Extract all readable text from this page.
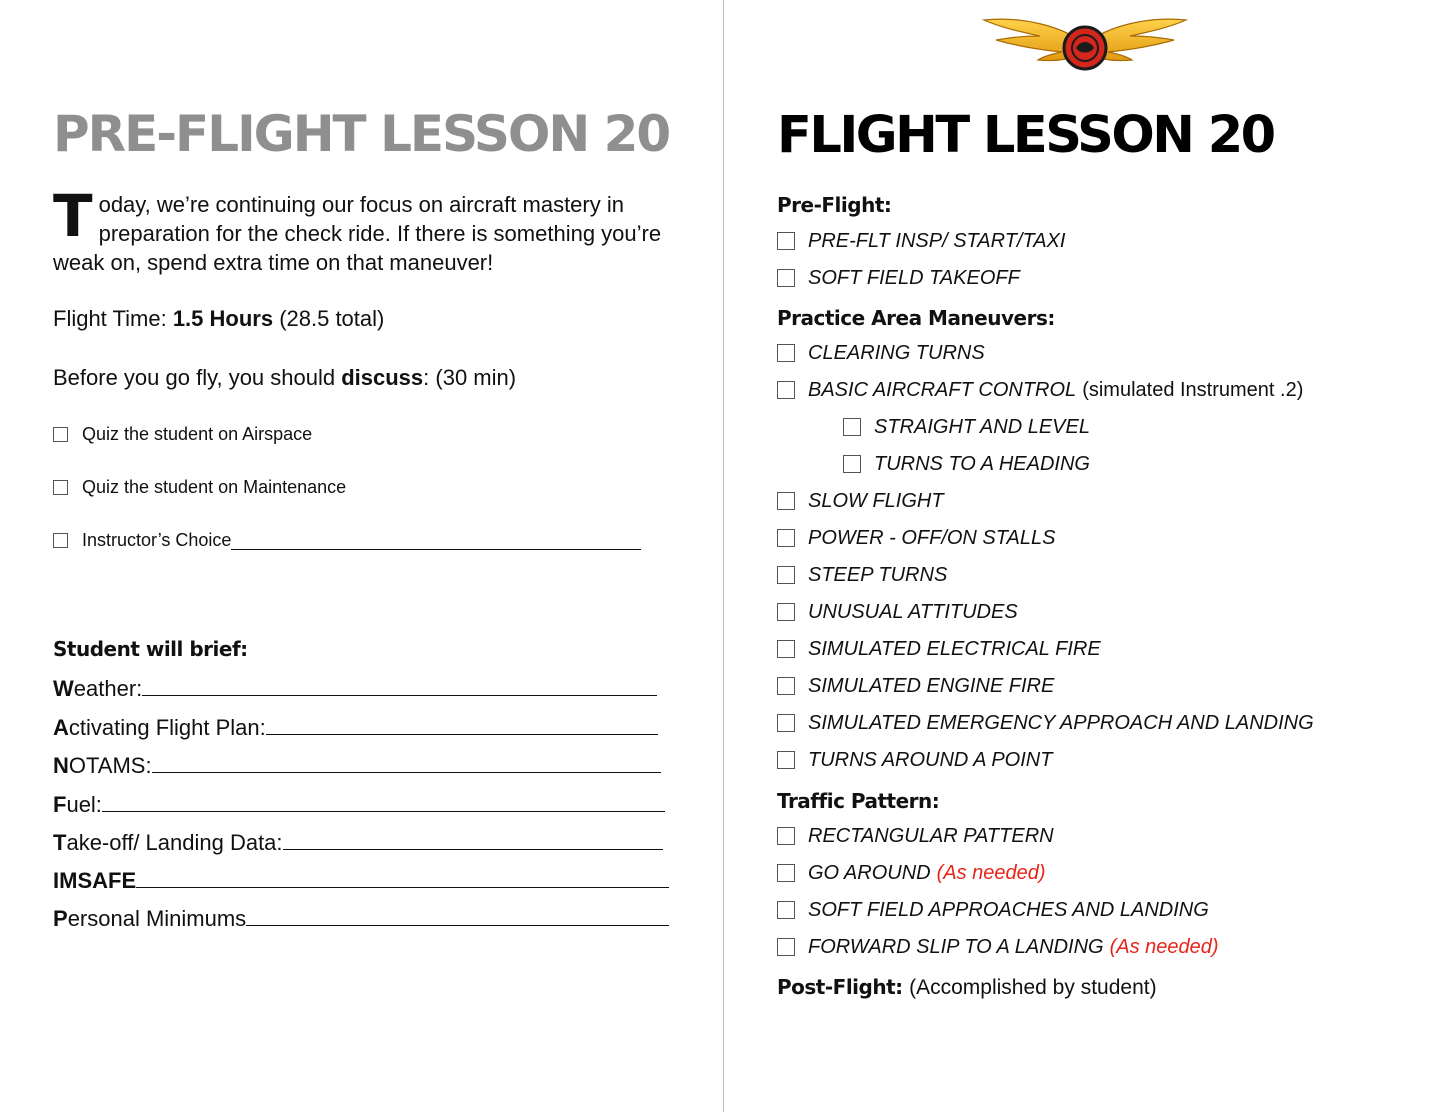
PRE-FLIGHT LESSON 20
Today, we’re continuing our focus on aircraft mastery in preparation for the check ride. If there is something you’re weak on, spend extra time on that maneuver!
Flight Time: 1.5 Hours (28.5 total)
Before you go fly, you should discuss: (30 min)
Quiz the student on Airspace
Quiz the student on Maintenance
Instructor’s Choice
Student will brief:
W eather:
A ctivating Flight Plan:
N OTAMS:
F uel:
T ake-off/ Landing Data:
IMSAFE
P ersonal Minimums
FLIGHT LESSON 20
Pre-Flight:
PRE-FLT INSP/ START/TAXI
SOFT FIELD TAKEOFF
Practice Area Maneuvers:
CLEARING TURNS
BASIC AIRCRAFT CONTROL (simulated Instrument .2)
STRAIGHT AND LEVEL
TURNS TO A HEADING
SLOW FLIGHT
POWER - OFF/ON STALLS
STEEP TURNS
UNUSUAL ATTITUDES
SIMULATED ELECTRICAL FIRE
SIMULATED ENGINE FIRE
SIMULATED EMERGENCY APPROACH AND LANDING
TURNS AROUND A POINT
Traffic Pattern:
RECTANGULAR PATTERN
GO AROUND (As needed)
SOFT FIELD APPROACHES AND LANDING
FORWARD SLIP TO A LANDING (As needed)
Post-Flight: (Accomplished by student)
